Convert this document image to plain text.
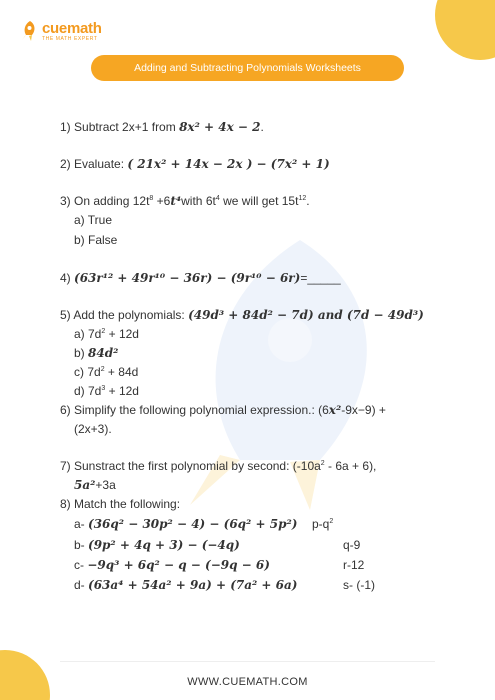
cuemath
THE MATH EXPERT
Adding and Subtracting Polynomials Worksheets
1) Subtract 2x+1 from 8x² + 4x − 2.
2) Evaluate: ( 21x² + 14x − 2x ) − (7x² + 1)
3) On adding $12t^8$ +6t⁴with $6t^4$ we will get $15t^{12}$.
a) True
b) False
4) (63r¹² + 49r¹⁰ − 36r) − (9r¹⁰ − 6r)=_____
5) Add the polynomials: (49d³ + 84d² − 7d) and (7d − 49d³)
a) $7d^2 + 12d$
b) 84d²
c) $7d^2 + 84d$
d) $7d^3 + 12d$
6) Simplify the following polynomial expression.: (6x²-9x−9) +
(2x+3).
7) Sunstract the first polynomial by second: $(-10a^2 - 6a + 6)$,
5a²+3a
8) Match the following:
a- (36q² − 30p² − 4) − (6q² + 5p²) $p-q^2$
b- (9p² + 4q + 3) − (−4q)	q-9
c- −9q³ + 6q² − q − (−9q − 6)	r-12
d- (63a⁴ + 54a² + 9a) + (7a² + 6a)	s- (-1)
WWW.CUEMATH.COM
